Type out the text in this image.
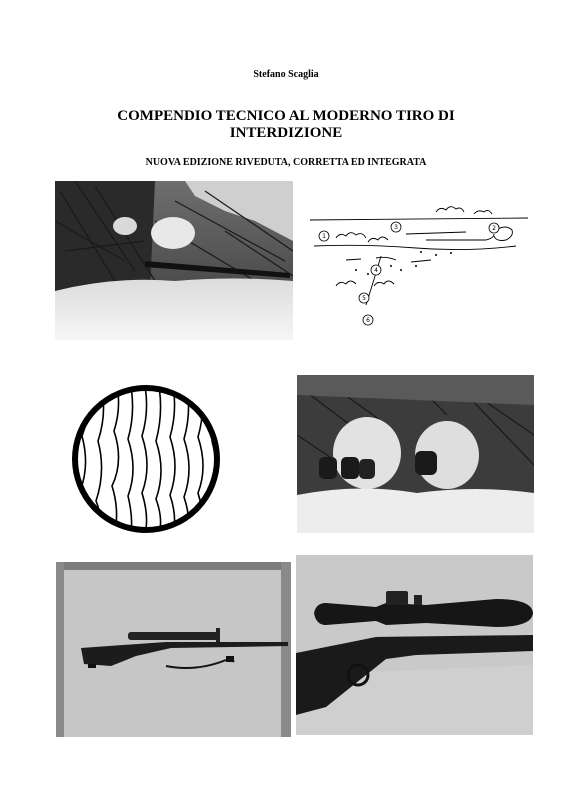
Stefano Scaglia
COMPENDIO TECNICO AL MODERNO TIRO DI
INTERDIZIONE
NUOVA EDIZIONE RIVEDUTA, CORRETTA ED INTEGRATA
1
2
3
4
5
6
